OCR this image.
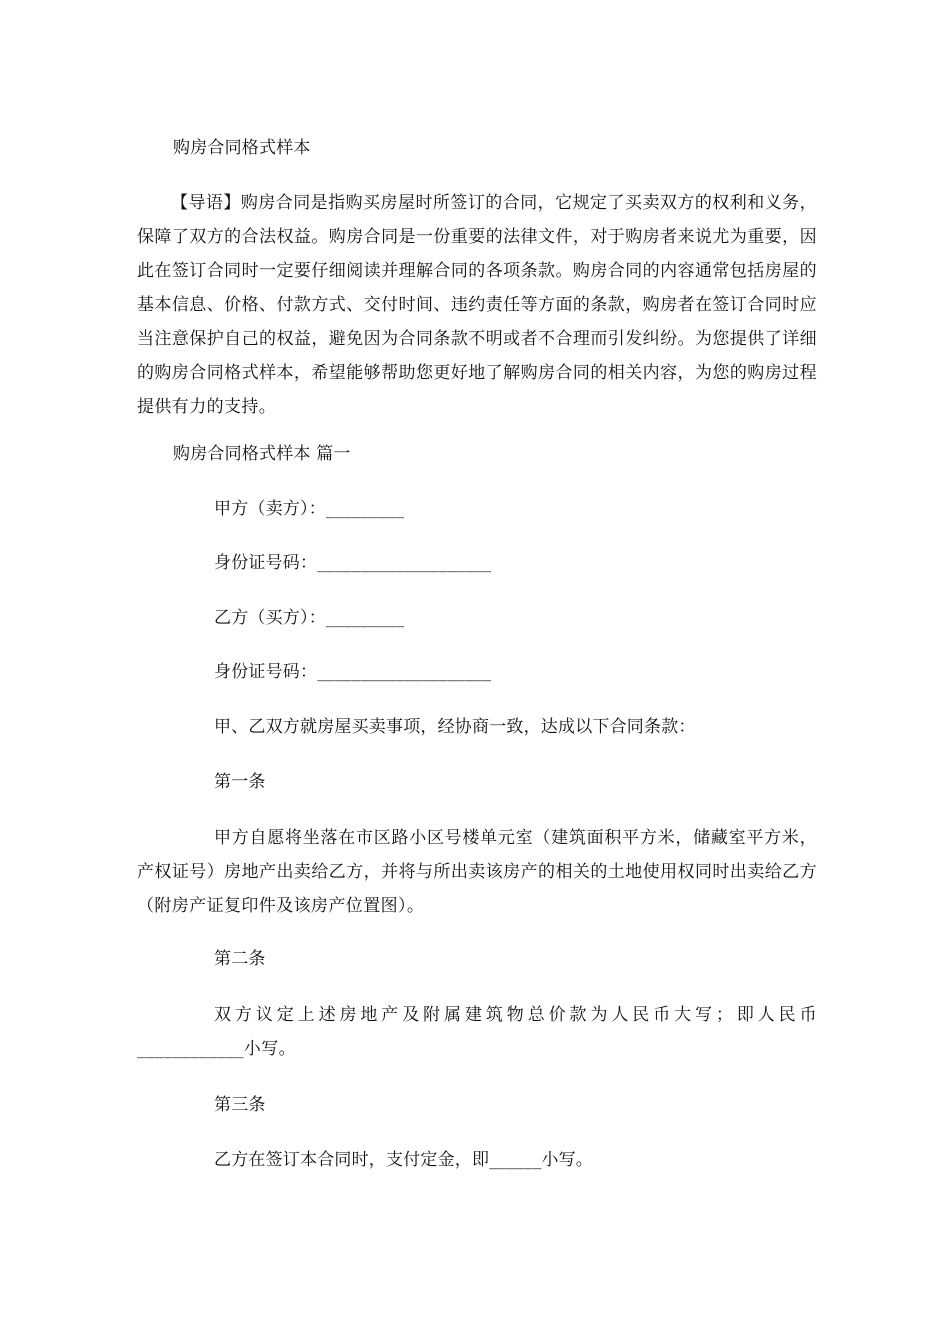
购房合同格式样本
【导语】购房合同是指购买房屋时所签订的合同，它规定了买卖双方的权利和义务，保障了双方的合法权益。购房合同是一份重要的法律文件，对于购房者来说尤为重要，因此在签订合同时一定要仔细阅读并理解合同的各项条款。购房合同的内容通常包括房屋的基本信息、价格、付款方式、交付时间、违约责任等方面的条款，购房者在签订合同时应当注意保护自己的权益，避免因为合同条款不明或者不合理而引发纠纷。为您提供了详细的购房合同格式样本，希望能够帮助您更好地了解购房合同的相关内容，为您的购房过程提供有力的支持。
购房合同格式样本 篇一
甲方（卖方）：_________
身份证号码：____________________
乙方（买方）：_________
身份证号码：____________________
甲、乙双方就房屋买卖事项，经协商一致，达成以下合同条款：
第一条
甲方自愿将坐落在市区路小区号楼单元室（建筑面积平方米，储藏室平方米，产权证号）房地产出卖给乙方，并将与所出卖该房产的相关的土地使用权同时出卖给乙方（附房产证复印件及该房产位置图）。
第二条
双方议定上述房地产及附属建筑物总价款为人民币大写；即人民币____________小写。
第三条
乙方在签订本合同时，支付定金，即______小写。
